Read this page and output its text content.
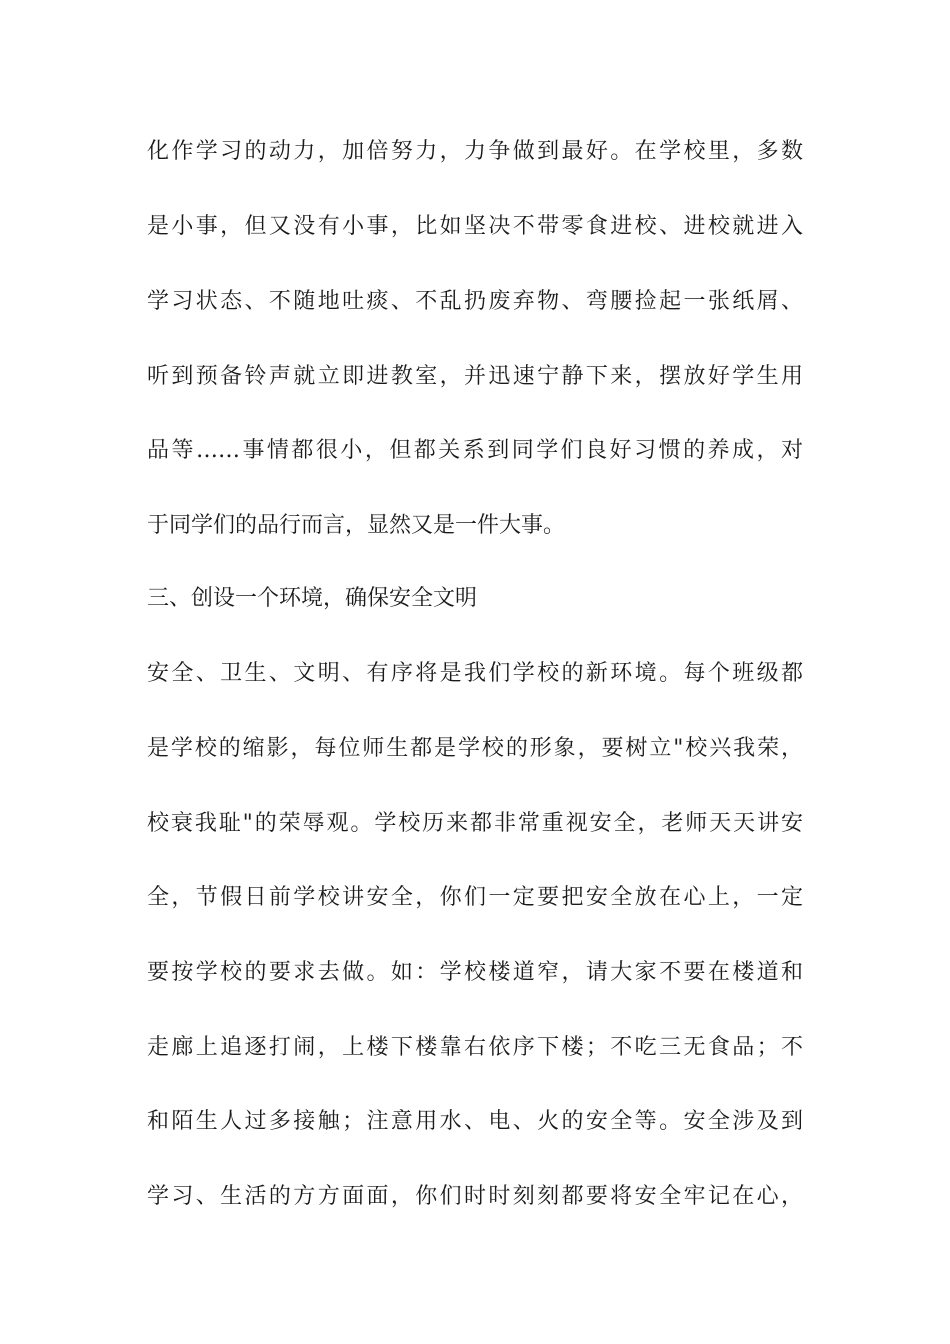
化作学习的动力，加倍努力，力争做到最好。在学校里，多数
是小事，但又没有小事，比如坚决不带零食进校、进校就进入
学习状态、不随地吐痰、不乱扔废弃物、弯腰捡起一张纸屑、
听到预备铃声就立即进教室，并迅速宁静下来，摆放好学生用
品等……事情都很小，但都关系到同学们良好习惯的养成，对
于同学们的品行而言，显然又是一件大事。
三、创设一个环境，确保安全文明
安全、卫生、文明、有序将是我们学校的新环境。每个班级都
是学校的缩影，每位师生都是学校的形象，要树立"校兴我荣，
校衰我耻"的荣辱观。学校历来都非常重视安全，老师天天讲安
全，节假日前学校讲安全，你们一定要把安全放在心上，一定
要按学校的要求去做。如：学校楼道窄，请大家不要在楼道和
走廊上追逐打闹，上楼下楼靠右依序下楼；不吃三无食品；不
和陌生人过多接触；注意用水、电、火的安全等。安全涉及到
学习、生活的方方面面，你们时时刻刻都要将安全牢记在心，
